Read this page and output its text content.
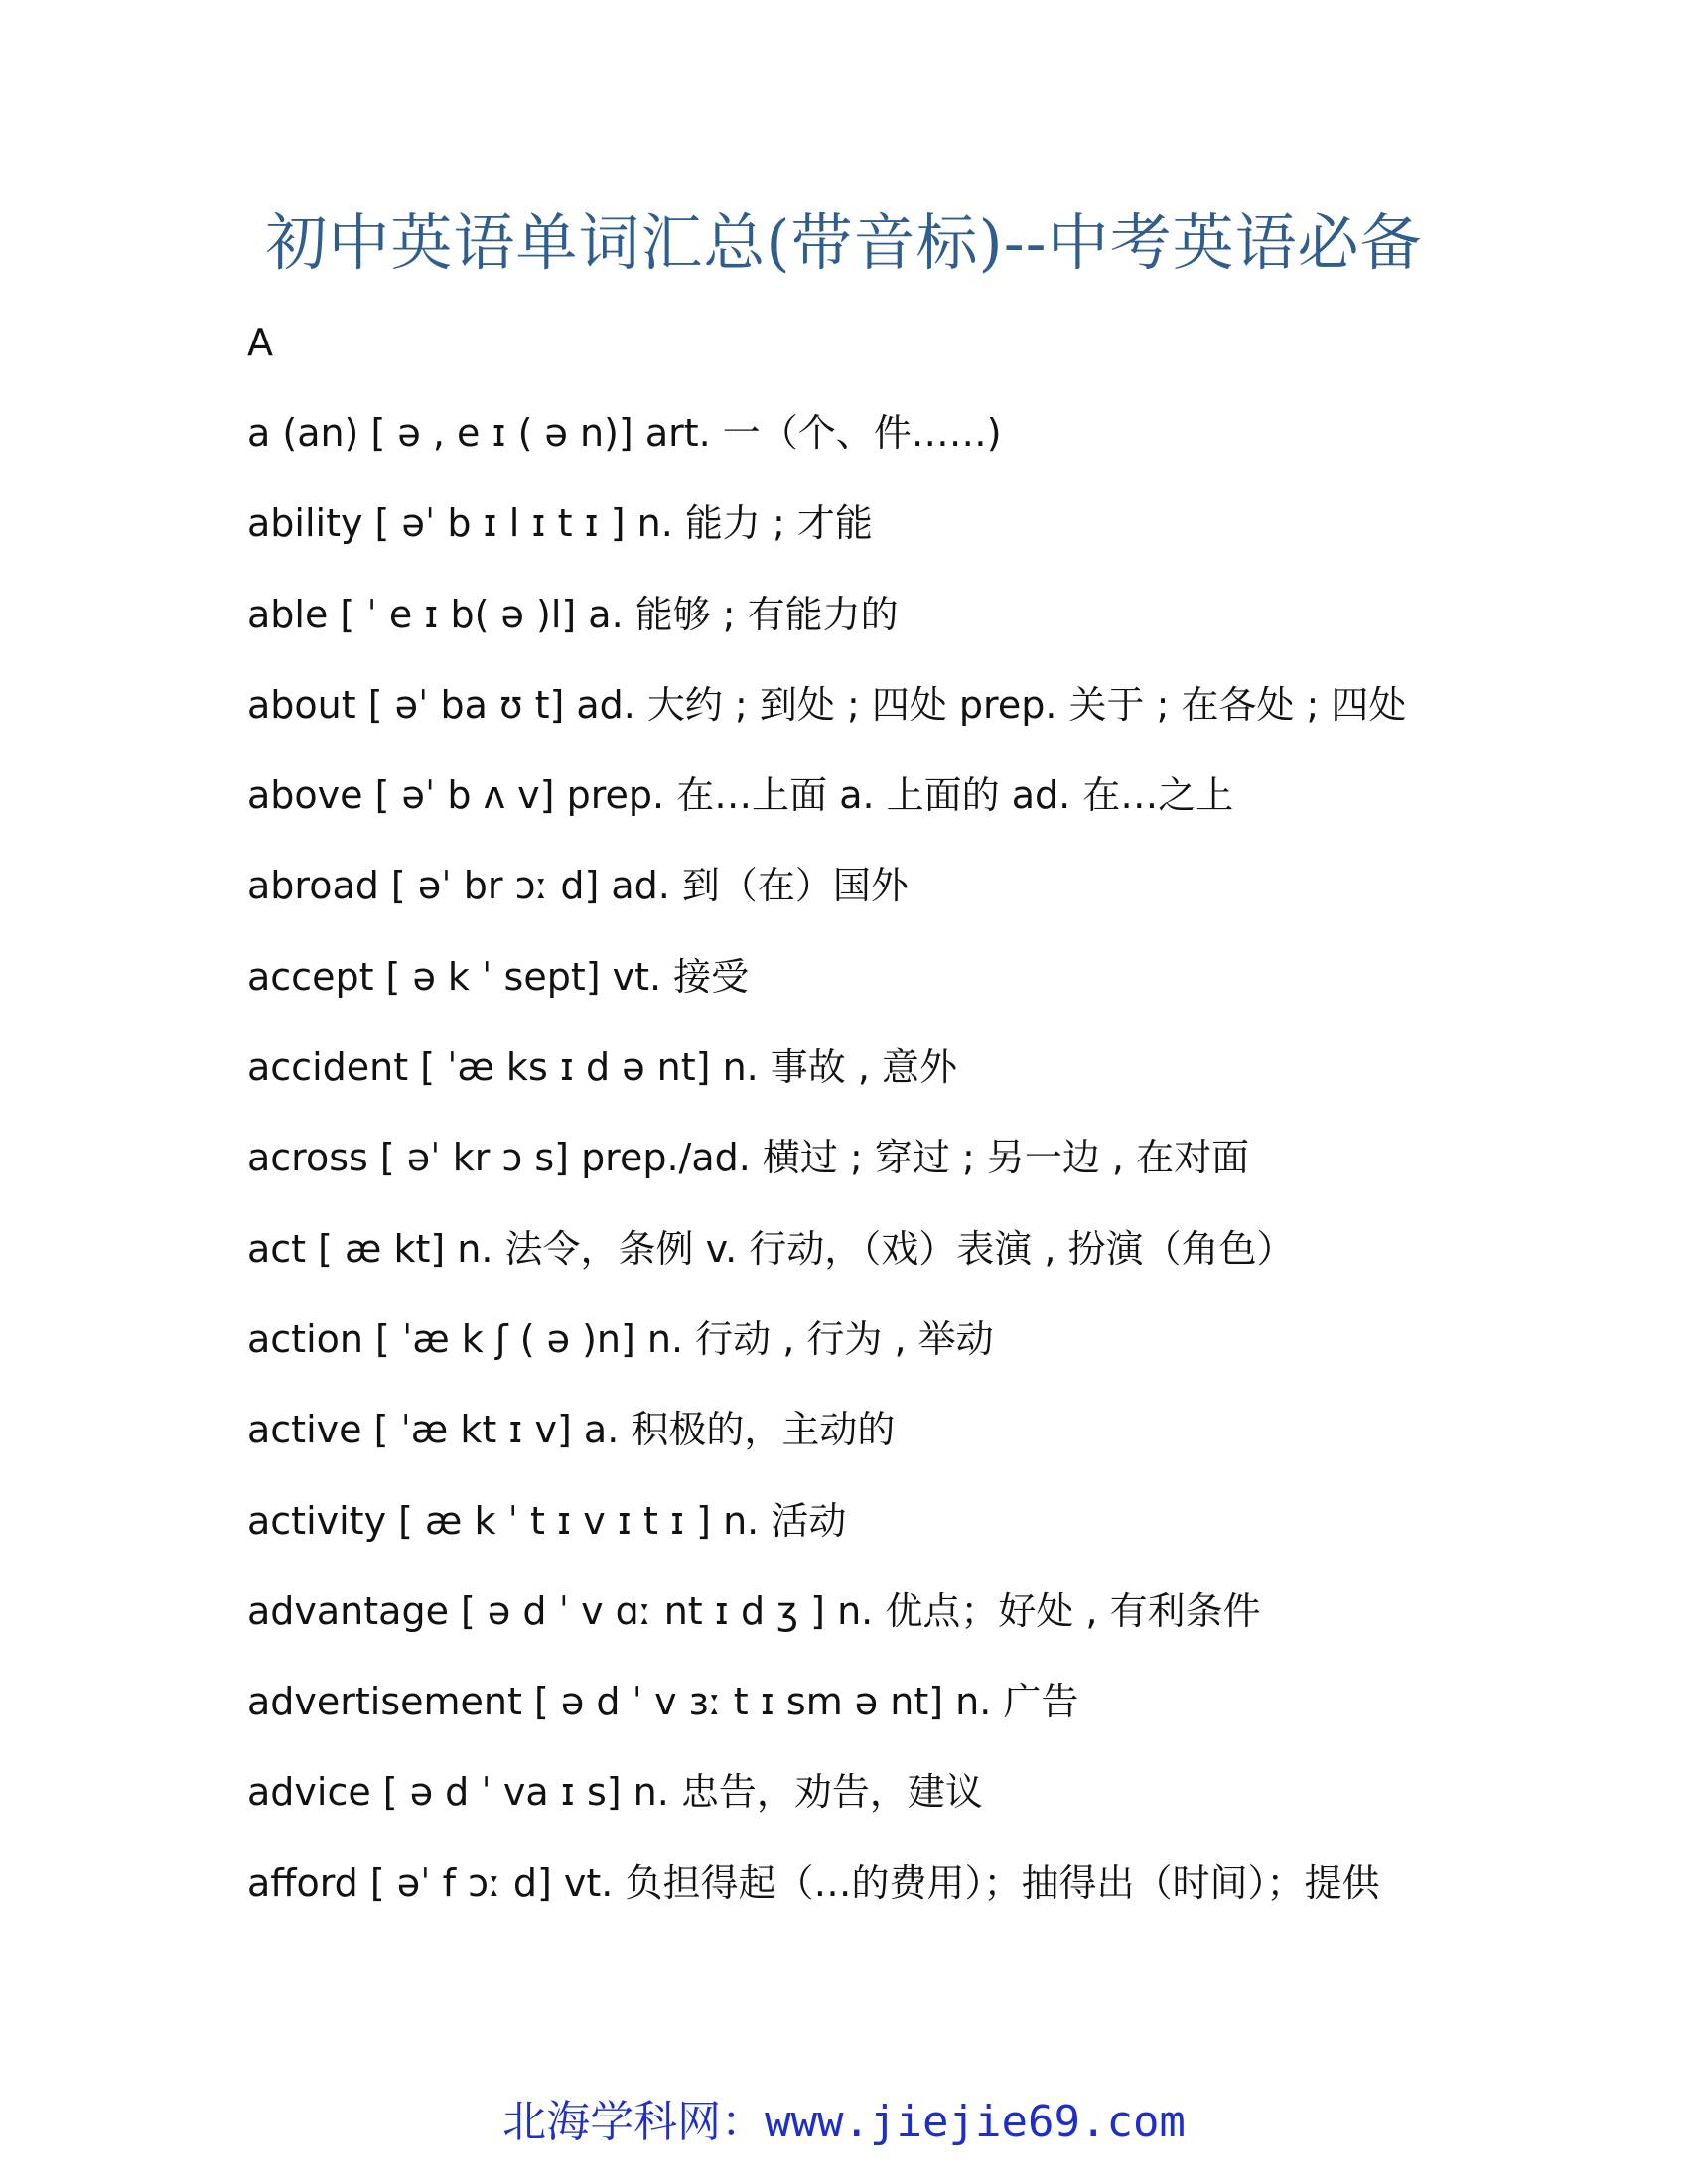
初中英语单词汇总(带音标)--中考英语必备
A
a (an) [ ə , e ɪ ( ə n)] art. 一（个、件……)
ability [ əˈ b ɪ l ɪ t ɪ ] n. 能力 ; 才能
able [ ˈ e ɪ b( ə )l] a. 能够 ; 有能力的
about [ əˈ ba ʊ t] ad. 大约 ; 到处 ; 四处 prep. 关于 ; 在各处 ; 四处
above [ əˈ b ʌ v] prep. 在…上面 a. 上面的 ad. 在…之上
abroad [ əˈ br ɔː d] ad. 到（在）国外
accept [ ə k ˈ sept] vt. 接受
accident [ ˈæ ks ɪ d ə nt] n. 事故 , 意外
across [ əˈ kr ɔ s] prep./ad. 横过 ; 穿过 ; 另一边 , 在对面
act [ æ kt] n. 法令，条例 v. 行动，（戏）表演 , 扮演（角色）
action [ ˈæ k ʃ ( ə )n] n. 行动 , 行为 , 举动
active [ ˈæ kt ɪ v] a. 积极的，主动的
activity [ æ k ˈ t ɪ v ɪ t ɪ ] n. 活动
advantage [ ə d ˈ v ɑː nt ɪ d ʒ ] n. 优点；好处 , 有利条件
advertisement [ ə d ˈ v ɜː t ɪ sm ə nt] n. 广告
advice [ ə d ˈ va ɪ s] n. 忠告，劝告，建议
afford [ əˈ f ɔː d] vt. 负担得起（…的费用）；抽得出（时间）；提供
北海学科网：www.jiejie69.com
